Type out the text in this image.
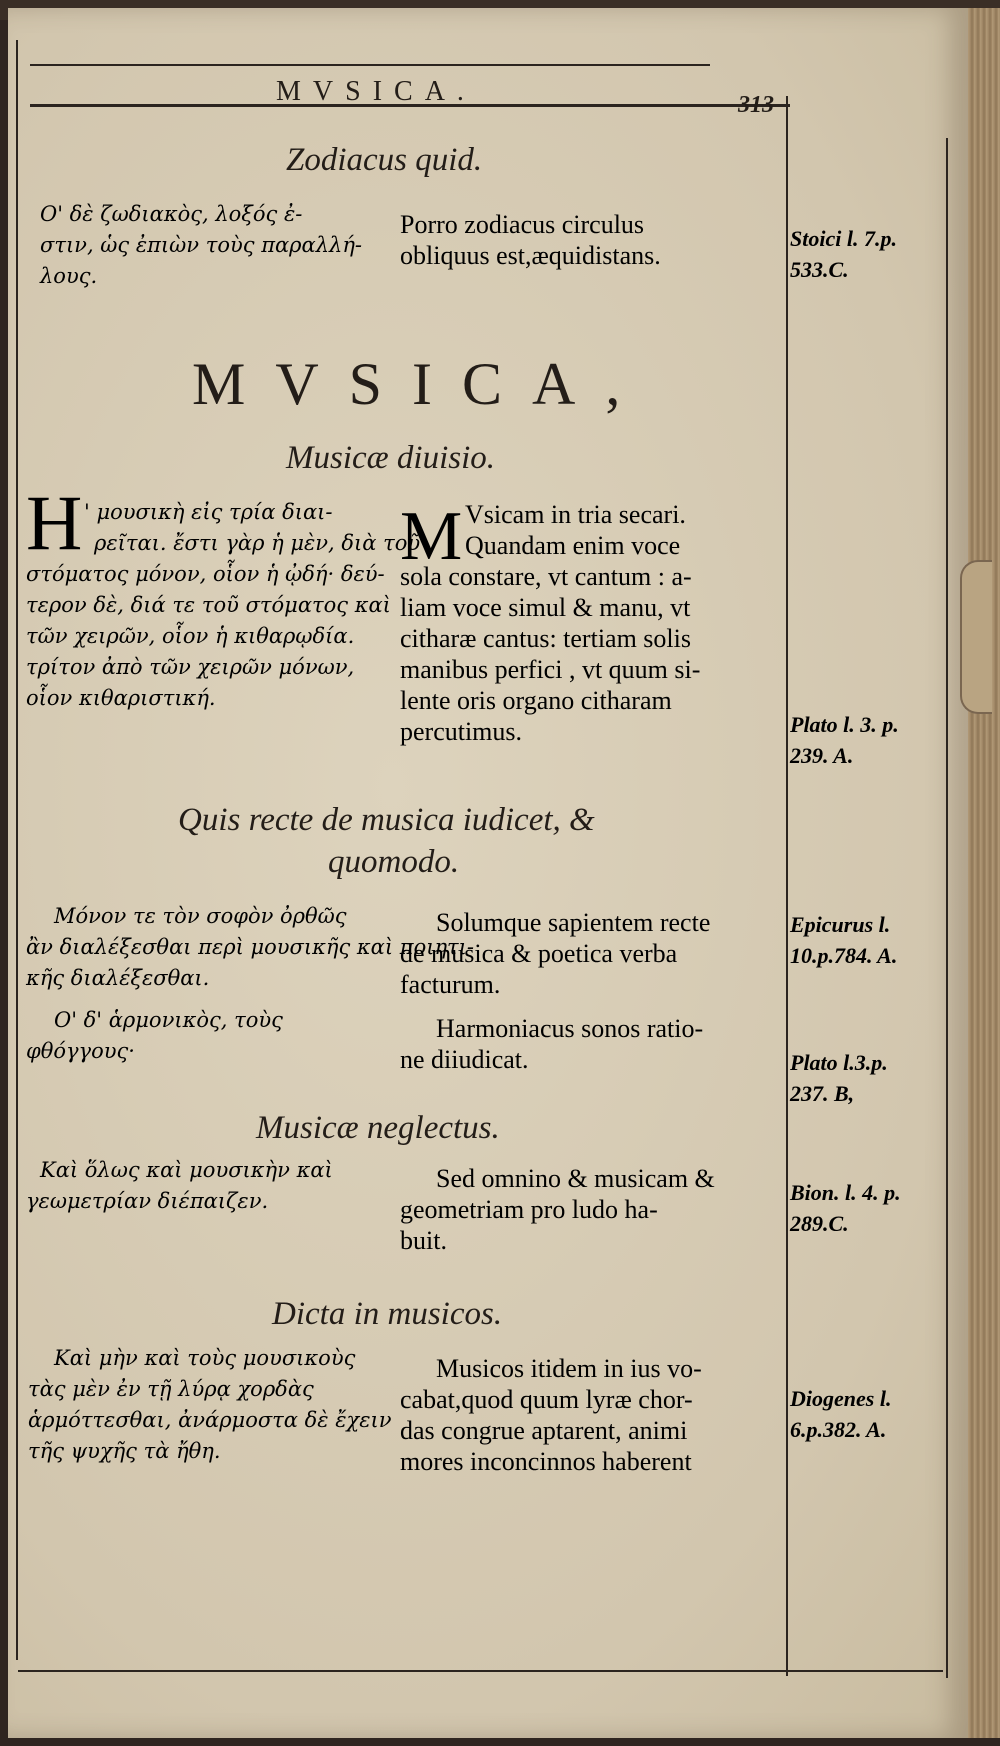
MVSICA.	313
Zodiacus quid.
Ο' δὲ ζωδιακὸς, λοξός ἐ-
στιν, ὡς ἐπιὼν τοὺς παραλλή-
λους.
Porro zodiacus circulus
obliquus est,æquidistans.
Stoici l. 7.p.
533.C.
MVSICA,
Musicæ diuisio.
H ' μουσικὴ εἰς τρία διαι-
ρεῖται. ἔστι γὰρ ἡ μὲν, διὰ τοῦ
στόματος μόνον, οἷον ἡ ᾠδή· δεύ-
τερον δὲ, διά τε τοῦ στόματος καὶ
τῶν χειρῶν, οἷον ἡ κιθαρῳδία.
τρίτον ἀπὸ τῶν χειρῶν μόνων,
οἷον κιθαριστική.
M Vsicam in tria secari.
Quandam enim voce
sola constare, vt cantum : a-
liam voce simul & manu, vt
citharæ cantus: tertiam solis
manibus perfici , vt quum si-
lente oris organo citharam
percutimus.	Plato l. 3. p.
239. A.
Quis recte de musica iudicet, &
quomodo.
Μόνον τε τὸν σοφὸν ὀρθῶς
ἂν διαλέξεσθαι περὶ μουσικῆς καὶ ποιητι-
κῆς διαλέξεσθαι.
Ο' δ' ἁρμονικὸς, τοὺς
φθόγγους·
Solumque sapientem recte
de musica & poetica verba
facturum.
Harmoniacus sonos ratio-
ne diiudicat.
Epicurus l.
10.p.784. A.
Plato l.3.p.
237. B,
Musicæ neglectus.
Καὶ ὅλως καὶ μουσικὴν καὶ
γεωμετρίαν διέπαιζεν.
Sed omnino & musicam &
geometriam pro ludo ha-
buit.
Bion. l. 4. p.
289.C.
Dicta in musicos.
Καὶ μὴν καὶ τοὺς μουσικοὺς
τὰς μὲν ἐν τῇ λύρᾳ χορδὰς
ἁρμόττεσθαι, ἀνάρμοστα δὲ ἔχειν
τῆς ψυχῆς τὰ ἤθη.
Musicos itidem in ius vo-
cabat,quod quum lyræ chor-
das congrue aptarent, animi
mores inconcinnos haberent
Diogenes l.
6.p.382. A.
